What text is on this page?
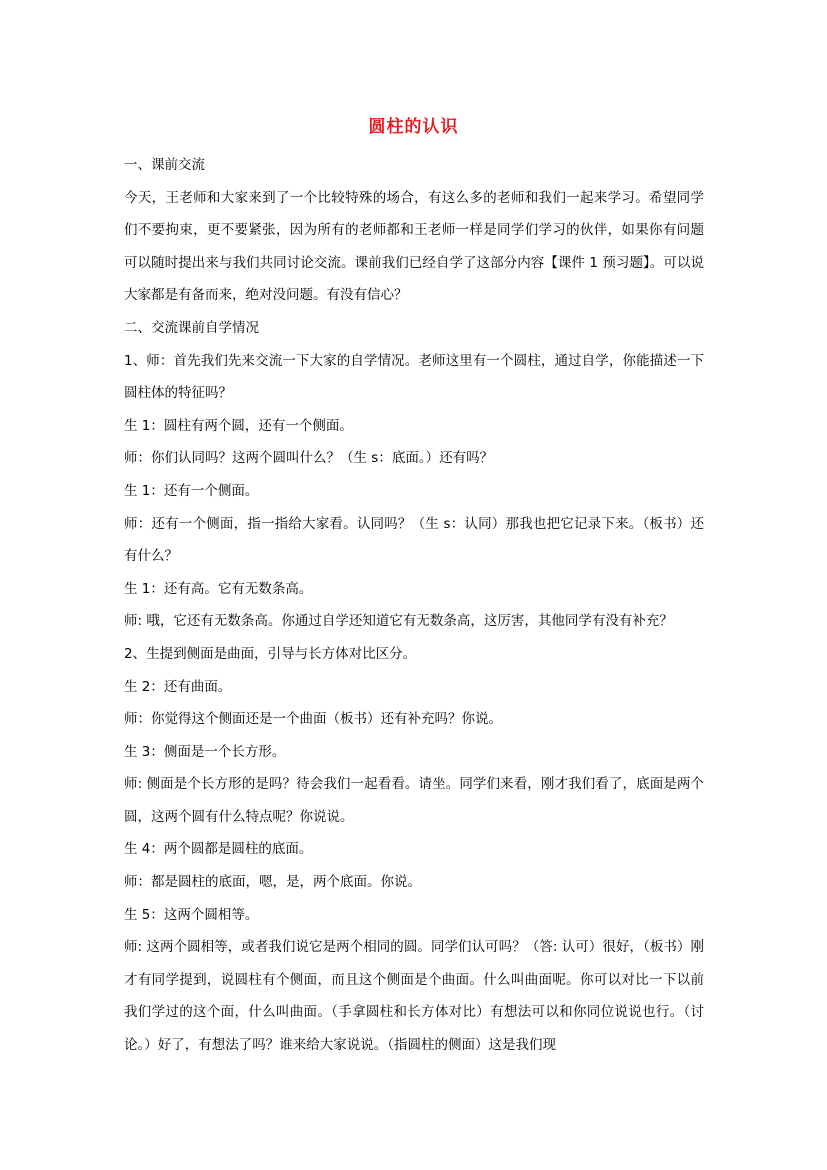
圆柱的认识

一、课前交流

今天，王老师和大家来到了一个比较特殊的场合，有这么多的老师和我们一起来学习。希望同学们不要拘束，更不要紧张，因为所有的老师都和王老师一样是同学们学习的伙伴，如果你有问题可以随时提出来与我们共同讨论交流。课前我们已经自学了这部分内容【课件 1 预习题】。可以说大家都是有备而来，绝对没问题。有没有信心？

二、交流课前自学情况

1、师：首先我们先来交流一下大家的自学情况。老师这里有一个圆柱，通过自学，你能描述一下圆柱体的特征吗？

生 1：圆柱有两个圆，还有一个侧面。

师：你们认同吗？这两个圆叫什么？（生 s：底面。）还有吗？

生 1：还有一个侧面。

师：还有一个侧面，指一指给大家看。认同吗？（生 s：认同）那我也把它记录下来。（板书）还有什么？

生 1：还有高。它有无数条高。

师: 哦，它还有无数条高。你通过自学还知道它有无数条高，这厉害，其他同学有没有补充？

2、生提到侧面是曲面，引导与长方体对比区分。

生 2：还有曲面。

师：你觉得这个侧面还是一个曲面（板书）还有补充吗？你说。

生 3：侧面是一个长方形。

师: 侧面是个长方形的是吗？待会我们一起看看。请坐。同学们来看，刚才我们看了，底面是两个圆，这两个圆有什么特点呢？你说说。

生 4：两个圆都是圆柱的底面。

师：都是圆柱的底面，嗯，是，两个底面。你说。

生 5：这两个圆相等。

师: 这两个圆相等，或者我们说它是两个相同的圆。同学们认可吗？（答: 认可）很好，（板书）刚才有同学提到，说圆柱有个侧面，而且这个侧面是个曲面。什么叫曲面呢。你可以对比一下以前我们学过的这个面，什么叫曲面。（手拿圆柱和长方体对比）有想法可以和你同位说说也行。（讨论。）好了，有想法了吗？谁来给大家说说。（指圆柱的侧面）这是我们现
